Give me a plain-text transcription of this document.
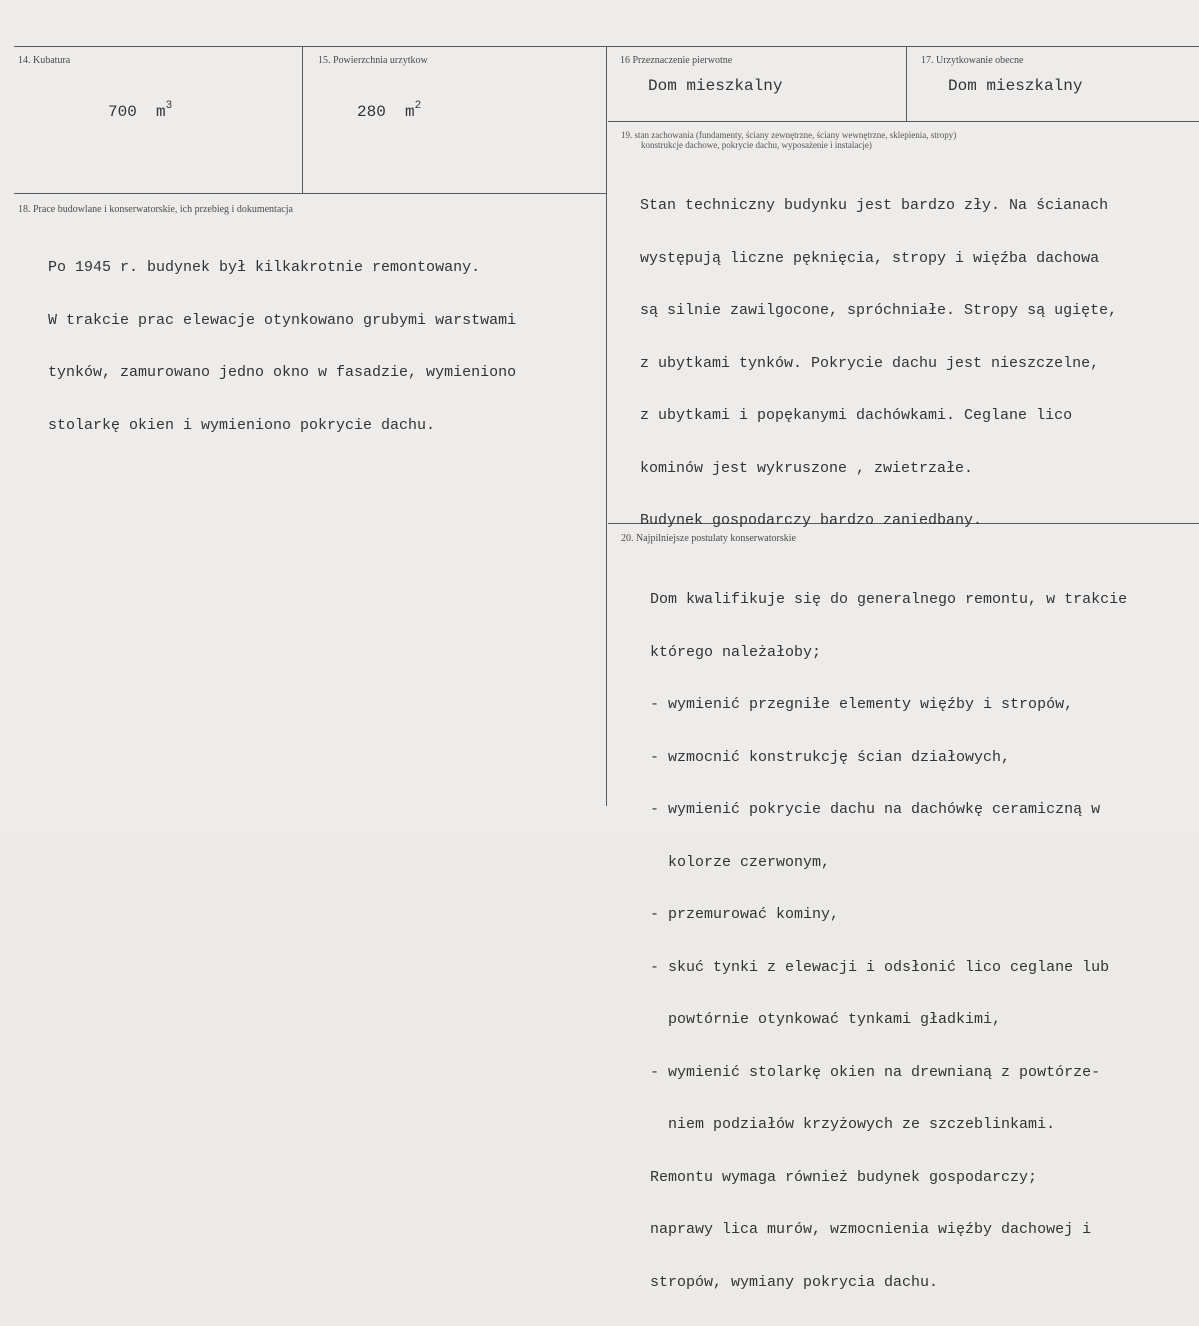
14. Kubatura
700 $m^3$
15. Powierzchnia urzytkow
280 $m^2$
16 Przeznaczenie pierwotne
Dom mieszkalny
17. Urzytkowanie obecne
Dom mieszkalny
18. Prace budowlane i konserwatorskie, ich przebieg i dokumentacja

Po 1945 r. budynek był kilkakrotnie remontowany.

W trakcie prac elewacje otynkowano grubymi warstwami

tynków, zamurowano jedno okno w fasadzie, wymieniono

stolarkę okien i wymieniono pokrycie dachu.

19. stan zachowania (fundamenty, ściany zewnętrzne, ściany wewnętrzne, sklepienia, stropy)
konstrukcje dachowe, pokrycie dachu, wyposażenie i instalacje)

Stan techniczny budynku jest bardzo zły. Na ścianach

występują liczne pęknięcia, stropy i więźba dachowa

są silnie zawilgocone, spróchniałe. Stropy są ugięte,

z ubytkami tynków. Pokrycie dachu jest nieszczelne,

z ubytkami i popękanymi dachówkami. Ceglane lico

kominów jest wykruszone , zwietrzałe.

Budynek gospodarczy bardzo zaniedbany.

20. Najpilniejsze postulaty konserwatorskie

Dom kwalifikuje się do generalnego remontu, w trakcie

którego należałoby;

- wymienić przegniłe elementy więźby i stropów,

- wzmocnić konstrukcję ścian działowych,

- wymienić pokrycie dachu na dachówkę ceramiczną w

kolorze czerwonym,

- przemurować kominy,

- skuć tynki z elewacji i odsłonić lico ceglane lub

powtórnie otynkować tynkami gładkimi,

- wymienić stolarkę okien na drewnianą z powtórze-

niem podziałów krzyżowych ze szczeblinkami.

Remontu wymaga również budynek gospodarczy;

naprawy lica murów, wzmocnienia więźby dachowej i

stropów, wymiany pokrycia dachu.
